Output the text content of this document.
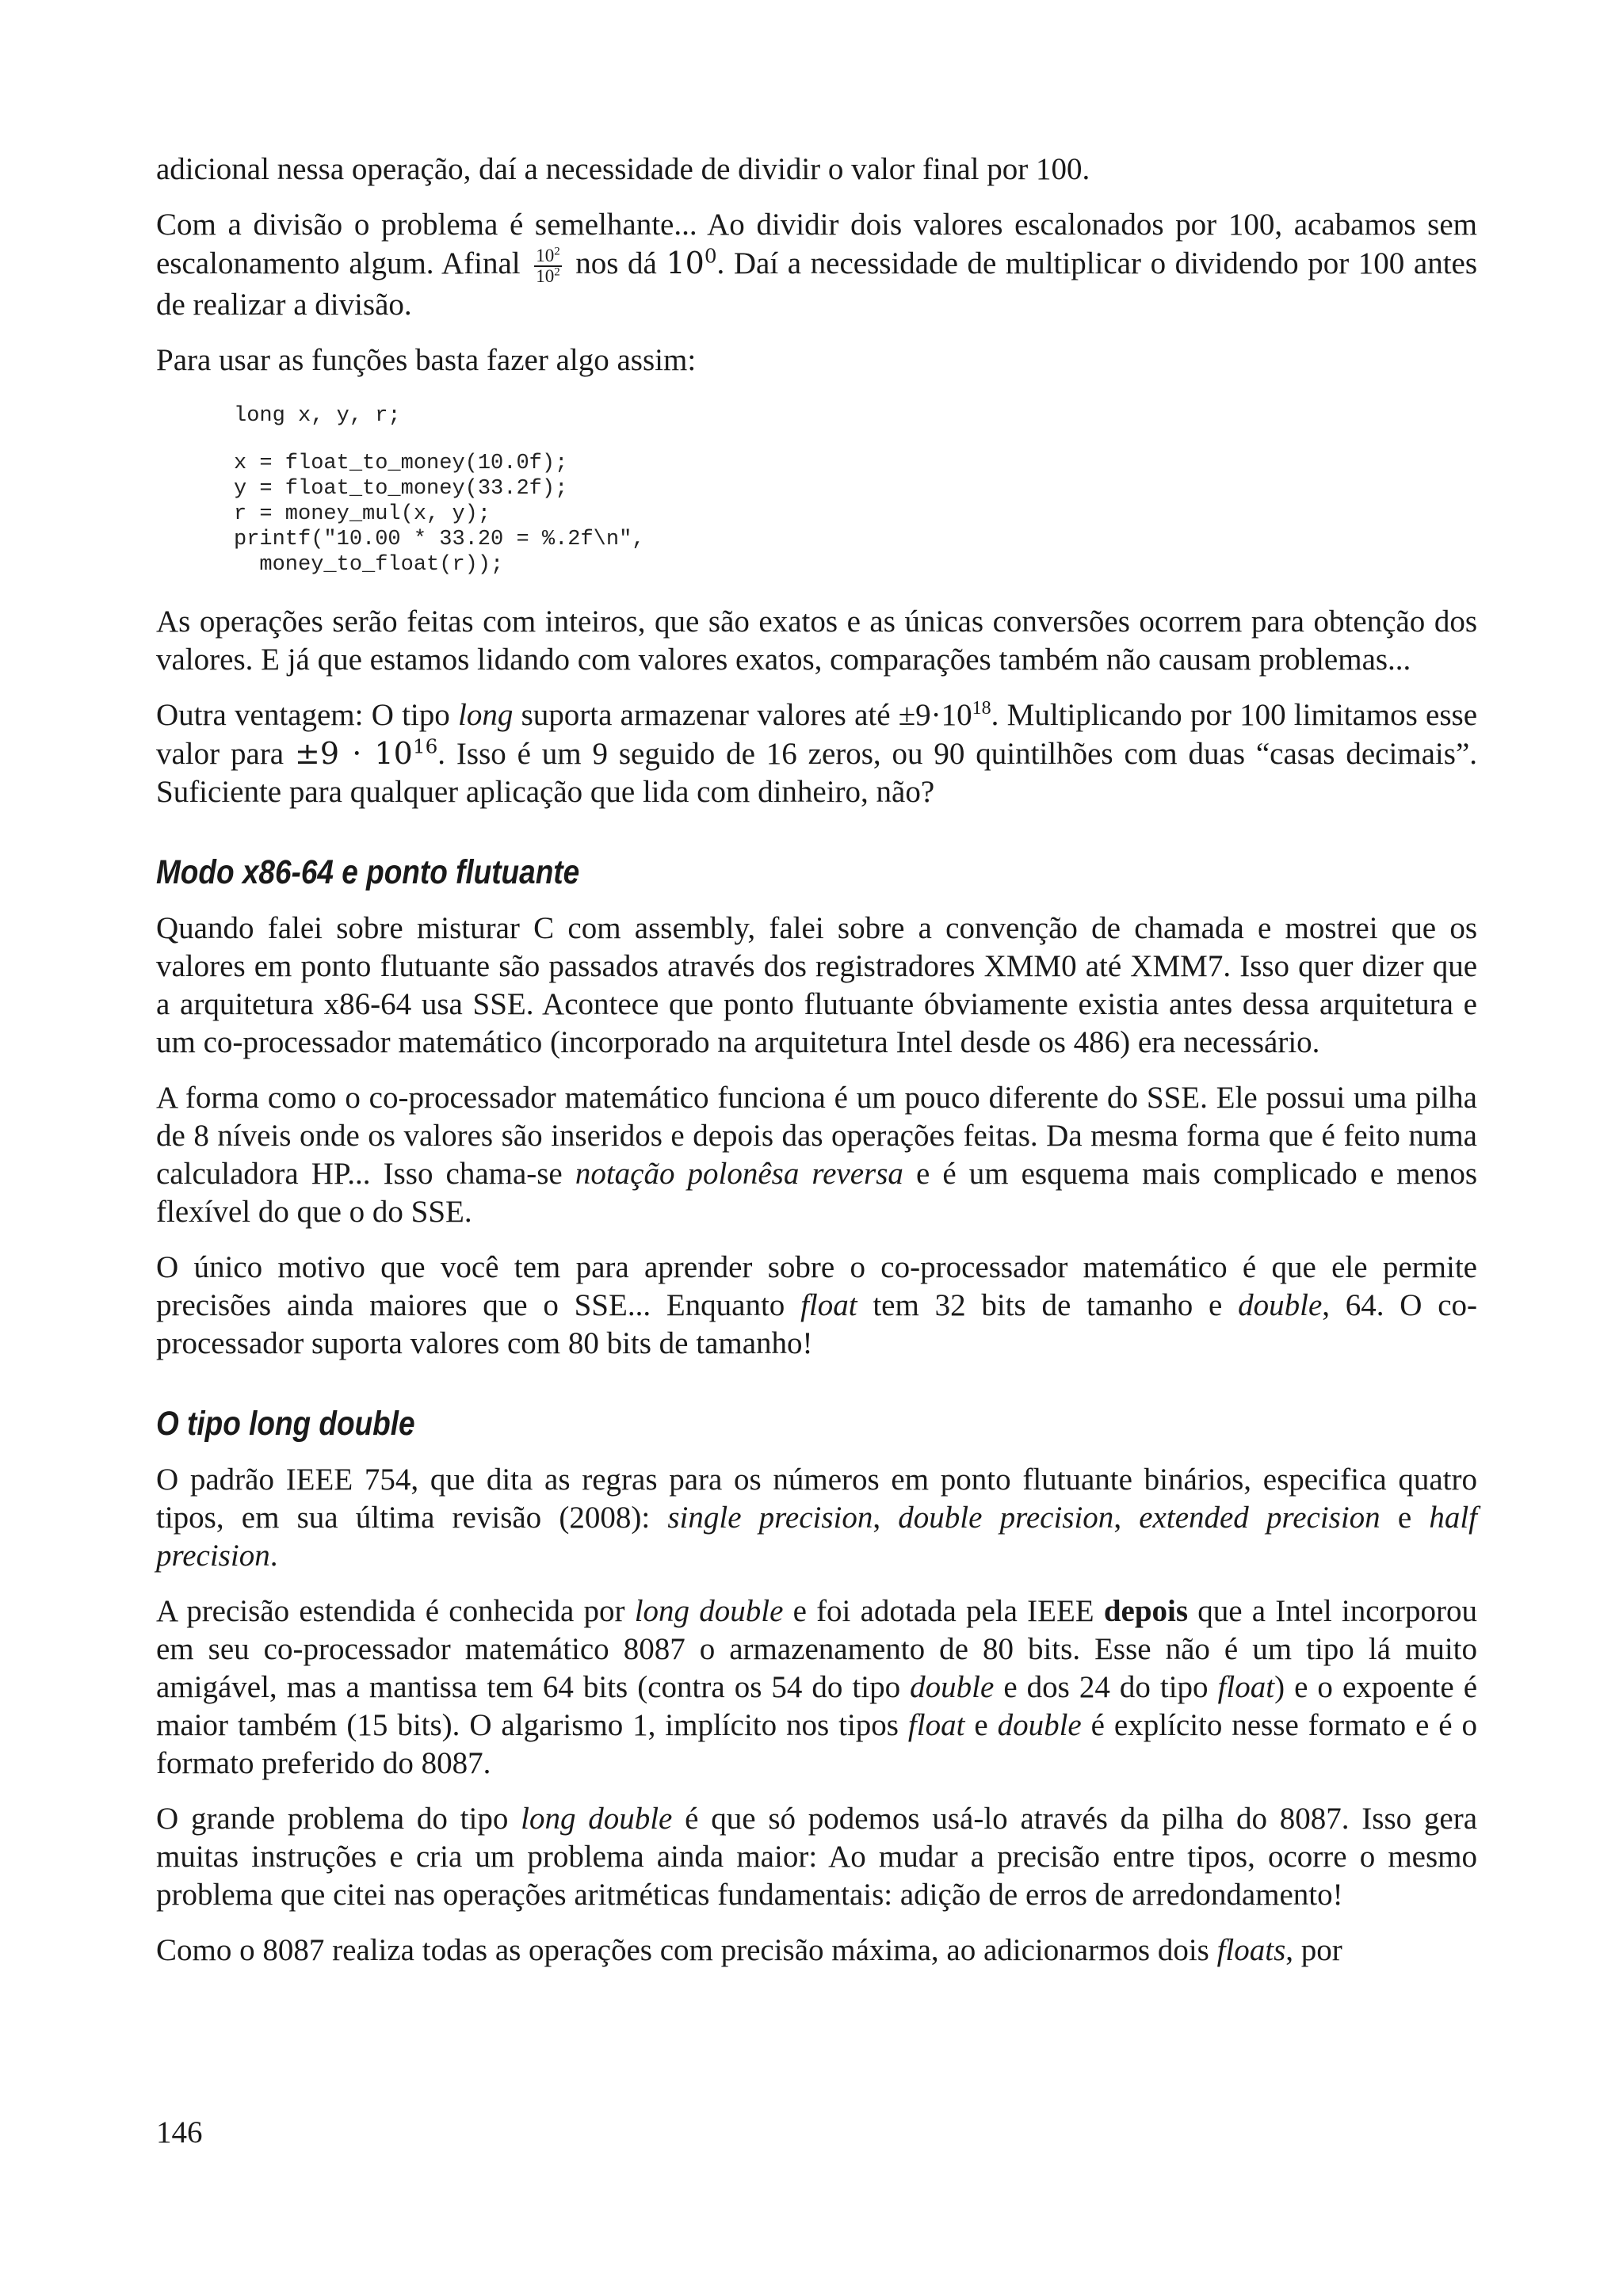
adicional nessa operação, daí a necessidade de dividir o valor final por 100.

Com a divisão o problema é semelhante... Ao dividir dois valores escalonados por 100, acabamos sem escalonamento algum. Afinal $\frac{10^2}{10^2}$ nos dá $10^0$. Daí a necessidade de multiplicar o dividendo por 100 antes de realizar a divisão.

Para usar as funções basta fazer algo assim:

long x, y, r;

x = float_to_money(10.0f);
y = float_to_money(33.2f);
r = money_mul(x, y);
printf("10.00 * 33.20 = %.2f\n",
money_to_float(r));

As operações serão feitas com inteiros, que são exatos e as únicas conversões ocorrem para obtenção dos valores. E já que estamos lidando com valores exatos, comparações também não causam problemas...

Outra ventagem: O tipo long suporta armazenar valores até $\pm 9\cdot 10^{18}$. Multiplicando por 100 limitamos esse valor para $\pm 9 \cdot 10^{16}$. Isso é um 9 seguido de 16 zeros, ou 90 quintilhões com duas “casas decimais”. Suficiente para qualquer aplicação que lida com dinheiro, não?

Modo x86-64 e ponto flutuante

Quando falei sobre misturar C com assembly, falei sobre a convenção de chamada e mostrei que os valores em ponto flutuante são passados através dos registradores XMM0 até XMM7. Isso quer dizer que a arquitetura x86-64 usa SSE. Acontece que ponto flutuante óbviamente existia antes dessa arquitetura e um co-processador matemático (incorporado na arquitetura Intel desde os 486) era necessário.

A forma como o co-processador matemático funciona é um pouco diferente do SSE. Ele possui uma pilha de 8 níveis onde os valores são inseridos e depois das operações feitas. Da mesma forma que é feito numa calculadora HP... Isso chama-se notação polonêsa reversa e é um esquema mais complicado e menos flexível do que o do SSE.

O único motivo que você tem para aprender sobre o co-processador matemático é que ele permite precisões ainda maiores que o SSE... Enquanto float tem 32 bits de tamanho e double, 64. O co-processador suporta valores com 80 bits de tamanho!

O tipo long double

O padrão IEEE 754, que dita as regras para os números em ponto flutuante binários, especifica quatro tipos, em sua última revisão (2008): single precision, double precision, extended precision e half precision.

A precisão estendida é conhecida por long double e foi adotada pela IEEE depois que a Intel incorporou em seu co-processador matemático 8087 o armazenamento de 80 bits. Esse não é um tipo lá muito amigável, mas a mantissa tem 64 bits (contra os 54 do tipo double e dos 24 do tipo float) e o expoente é maior também (15 bits). O algarismo 1, implícito nos tipos float e double é explícito nesse formato e é o formato preferido do 8087.

O grande problema do tipo long double é que só podemos usá-lo através da pilha do 8087. Isso gera muitas instruções e cria um problema ainda maior: Ao mudar a precisão entre tipos, ocorre o mesmo problema que citei nas operações aritméticas fundamentais: adição de erros de arredondamento!

Como o 8087 realiza todas as operações com precisão máxima, ao adicionarmos dois floats, por

146
